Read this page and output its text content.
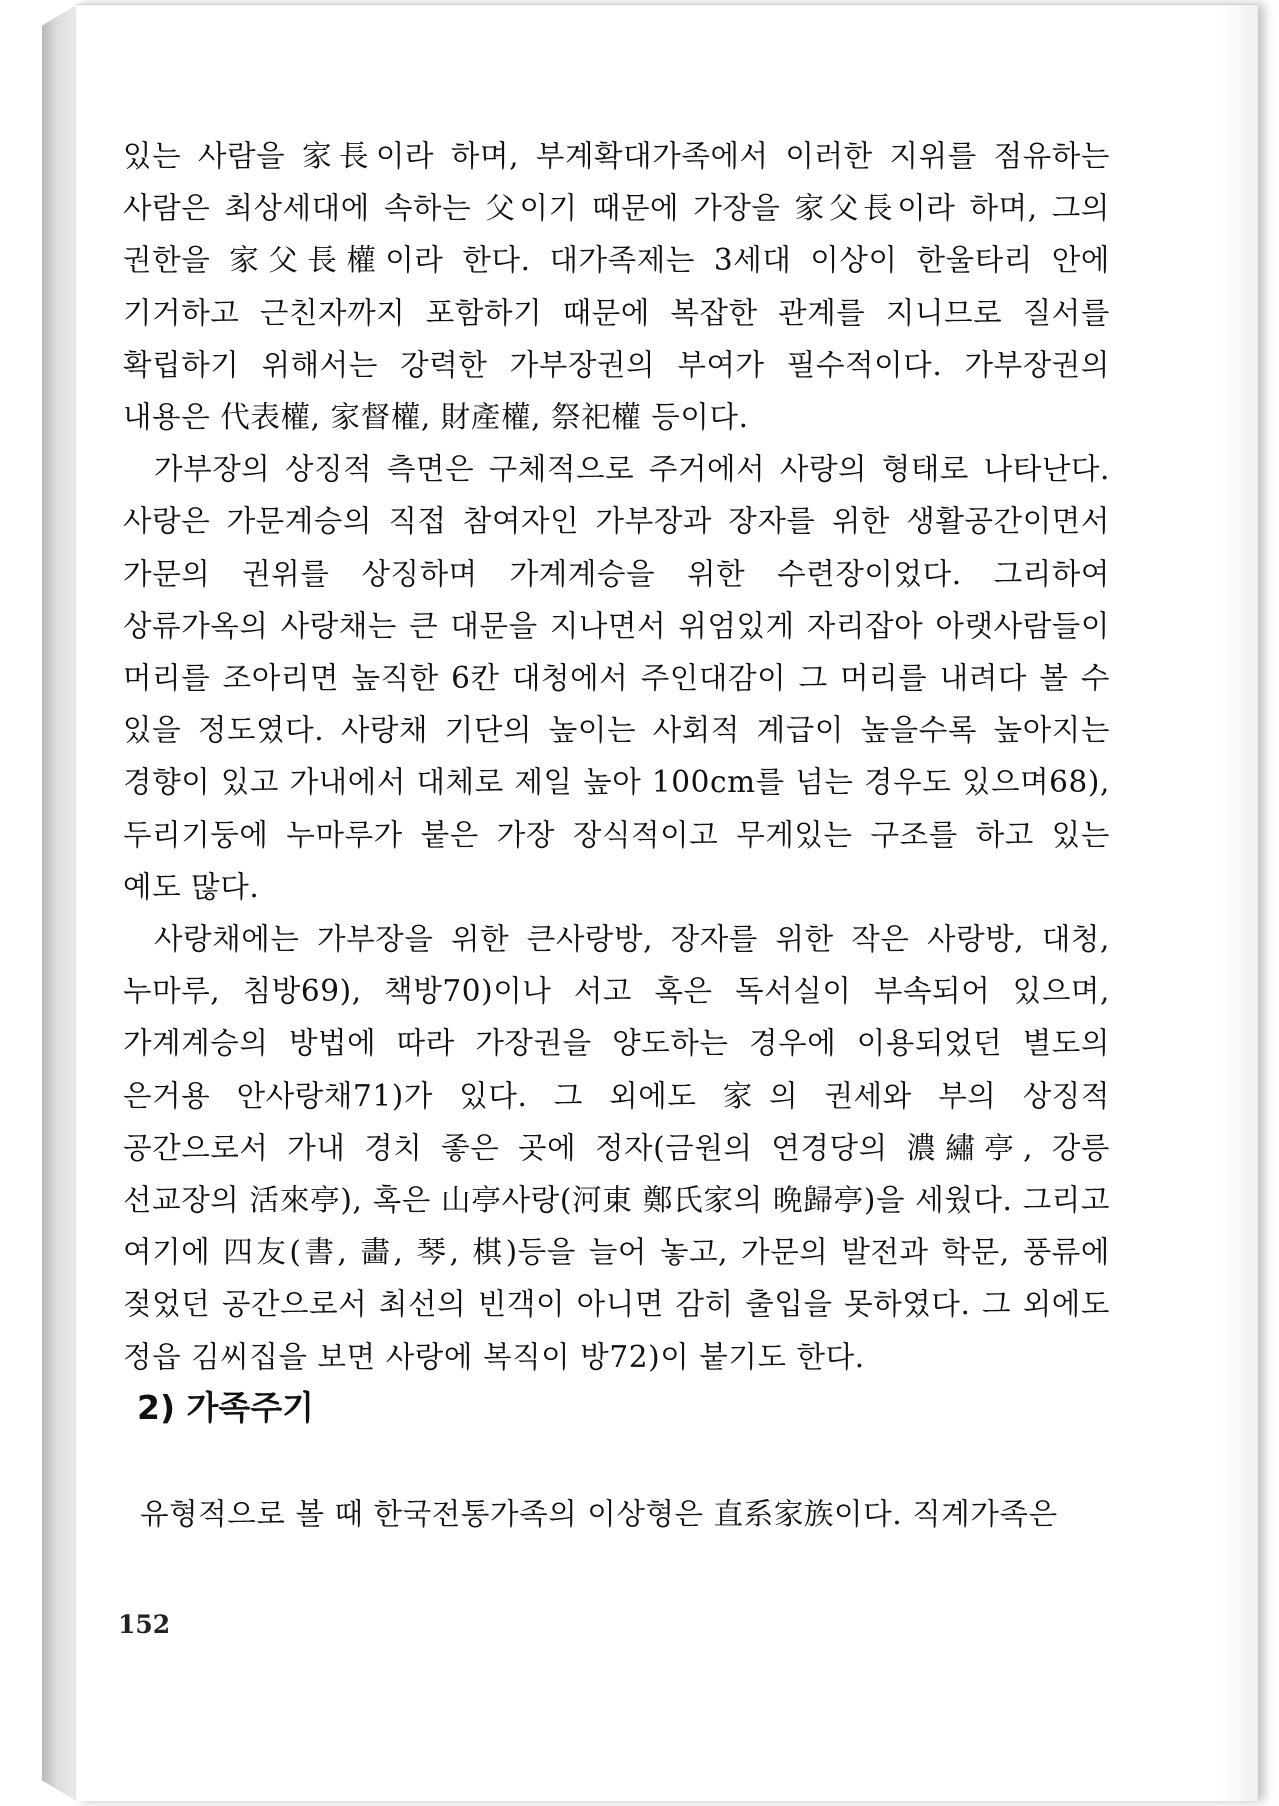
있는 사람을 家長이라 하며, 부계확대가족에서 이러한 지위를 점유하는 사람은 최상세대에 속하는 父이기 때문에 가장을 家父長이라 하며, 그의 권한을 家父長權이라 한다. 대가족제는 3세대 이상이 한울타리 안에 기거하고 근친자까지 포함하기 때문에 복잡한 관계를 지니므로 질서를 확립하기 위해서는 강력한 가부장권의 부여가 필수적이다. 가부장권의 내용은 代表權, 家督權, 財產權, 祭祀權 등이다.

가부장의 상징적 측면은 구체적으로 주거에서 사랑의 형태로 나타난다. 사랑은 가문계승의 직접 참여자인 가부장과 장자를 위한 생활공간이면서 가문의 권위를 상징하며 가계계승을 위한 수련장이었다. 그리하여 상류가옥의 사랑채는 큰 대문을 지나면서 위엄있게 자리잡아 아랫사람들이 머리를 조아리면 높직한 6칸 대청에서 주인대감이 그 머리를 내려다 볼 수 있을 정도였다. 사랑채 기단의 높이는 사회적 계급이 높을수록 높아지는 경향이 있고 가내에서 대체로 제일 높아 100cm를 넘는 경우도 있으며68), 두리기둥에 누마루가 붙은 가장 장식적이고 무게있는 구조를 하고 있는 예도 많다.

사랑채에는 가부장을 위한 큰사랑방, 장자를 위한 작은 사랑방, 대청, 누마루, 침방69), 책방70)이나 서고 혹은 독서실이 부속되어 있으며, 가계계승의 방법에 따라 가장권을 양도하는 경우에 이용되었던 별도의 은거용 안사랑채71)가 있다. 그 외에도 家의 권세와 부의 상징적 공간으로서 가내 경치 좋은 곳에 정자(금원의 연경당의 濃繡亭, 강릉 선교장의 活來亭), 혹은 山亭사랑(河東 鄭氏家의 晩歸亭)을 세웠다. 그리고 여기에 四友(書, 畵, 琴, 棋)등을 늘어 놓고, 가문의 발전과 학문, 풍류에 젖었던 공간으로서 최선의 빈객이 아니면 감히 출입을 못하였다. 그 외에도 정읍 김씨집을 보면 사랑에 복직이 방72)이 붙기도 한다.

2) 가족주기

유형적으로 볼 때 한국전통가족의 이상형은 直系家族이다. 직계가족은

152
